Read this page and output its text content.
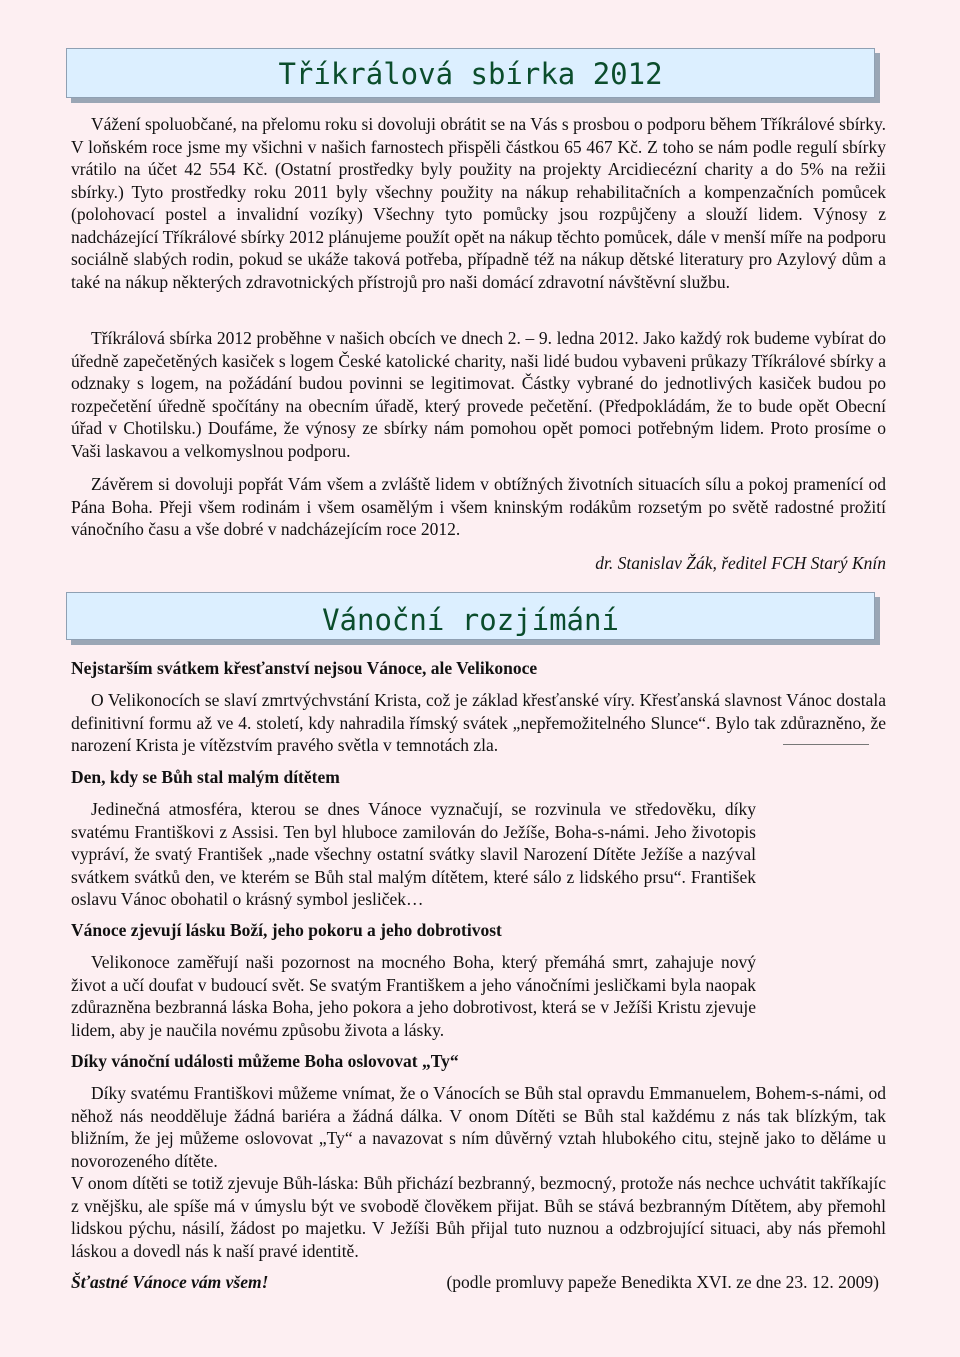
Tříkrálová sbírka 2012

Vážení spoluobčané, na přelomu roku si dovoluji obrátit se na Vás s prosbou o podporu během Tříkrálové sbírky. V loňském roce jsme my všichni v našich farnostech přispěli částkou 65 467 Kč. Z toho se nám podle regulí sbírky vrátilo na účet 42 554 Kč. (Ostatní prostředky byly použity na projekty Arcidiecézní charity a do 5% na režii sbírky.) Tyto prostředky roku 2011 byly všechny použity na nákup rehabilitačních a kompenzačních pomůcek (polohovací postel a invalidní vozíky) Všechny tyto pomůcky jsou rozpůjčeny a slouží lidem. Výnosy z nadcházející Tříkrálové sbírky 2012 plánujeme použít opět na nákup těchto pomůcek, dále v menší míře na podporu sociálně slabých rodin, pokud se ukáže taková potřeba, případně též na nákup dětské literatury pro Azylový dům a také na nákup některých zdravotnických přístrojů pro naši domácí zdravotní návštěvní službu.

Tříkrálová sbírka 2012 proběhne v našich obcích ve dnech 2. – 9. ledna 2012. Jako každý rok budeme vybírat do úředně zapečetěných kasiček s logem České katolické charity, naši lidé budou vybaveni průkazy Tříkrálové sbírky a odznaky s logem, na požádání budou povinni se legitimovat. Částky vybrané do jednotlivých kasiček budou po rozpečetění úředně spočítány na obecním úřadě, který provede pečetění. (Předpokládám, že to bude opět Obecní úřad v Chotilsku.) Doufáme, že výnosy ze sbírky nám pomohou opět pomoci potřebným lidem. Proto prosíme o Vaši laskavou a velkomyslnou podporu.

Závěrem si dovoluji popřát Vám všem a zvláště lidem v obtížných životních situacích sílu a pokoj pramenící od Pána Boha. Přeji všem rodinám i všem osamělým i všem kninským rodákům rozsetým po světě radostné prožití vánočního času a vše dobré v nadcházejícím roce 2012.

dr. Stanislav Žák, ředitel FCH Starý Knín

Vánoční rozjímání

Nejstarším svátkem křesťanství nejsou Vánoce, ale Velikonoce

O Velikonocích se slaví zmrtvýchvstání Krista, což je základ křesťanské víry. Křesťanská slavnost Vánoc dostala definitivní formu až ve 4. století, kdy nahradila římský svátek „nepřemožitelného Slunce“. Bylo tak zdůrazněno, že narození Krista je vítězstvím pravého světla v temnotách zla.

Den, kdy se Bůh stal malým dítětem

Jedinečná atmosféra, kterou se dnes Vánoce vyznačují, se rozvinula ve středověku, díky svatému Františkovi z Assisi. Ten byl hluboce zamilován do Ježíše, Boha-s-námi. Jeho životopis vypráví, že svatý František „nade všechny ostatní svátky slavil Narození Dítěte Ježíše a nazýval svátkem svátků den, ve kterém se Bůh stal malým dítětem, které sálo z lidského prsu“. František oslavu Vánoc obohatil o krásný symbol jesliček…

Vánoce zjevují lásku Boží, jeho pokoru a jeho dobrotivost

Velikonoce zaměřují naši pozornost na mocného Boha, který přemáhá smrt, zahajuje nový život a učí doufat v budoucí svět. Se svatým Františkem a jeho vánočními jesličkami byla naopak zdůrazněna bezbranná láska Boha, jeho pokora a jeho dobrotivost, která se v Ježíši Kristu zjevuje lidem, aby je naučila novému způsobu života a lásky.

Díky vánoční události můžeme Boha oslovovat „Ty“

Díky svatému Františkovi můžeme vnímat, že o Vánocích se Bůh stal opravdu Emmanuelem, Bohem-s-námi, od něhož nás neodděluje žádná bariéra a žádná dálka. V onom Dítěti se Bůh stal každému z nás tak blízkým, tak bližním, že jej můžeme oslovovat „Ty“ a navazovat s ním důvěrný vztah hlubokého citu, stejně jako to děláme u novorozeného dítěte.

V onom dítěti se totiž zjevuje Bůh-láska: Bůh přichází bezbranný, bezmocný, protože nás nechce uchvátit takříkajíc z vnějšku, ale spíše má v úmyslu být ve svobodě člověkem přijat. Bůh se stává bezbranným Dítětem, aby přemohl lidskou pýchu, násilí, žádost po majetku. V Ježíši Bůh přijal tuto nuznou a odzbrojující situaci, aby nás přemohl láskou a dovedl nás k naší pravé identitě.

Šťastné Vánoce vám všem!	(podle promluvy papeže Benedikta XVI. ze dne 23. 12. 2009)
